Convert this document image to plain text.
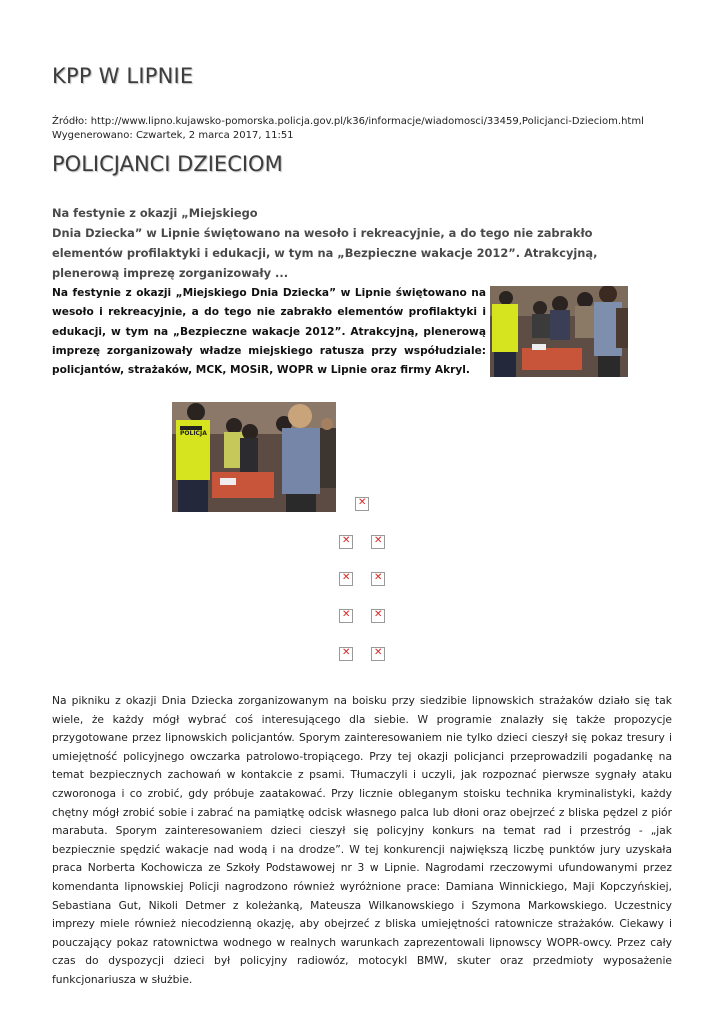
KPP W LIPNIE
Źródło: http://www.lipno.kujawsko-pomorska.policja.gov.pl/k36/informacje/wiadomosci/33459,Policjanci-Dzieciom.html
Wygenerowano: Czwartek, 2 marca 2017, 11:51
POLICJANCI DZIECIOM
Na festynie z okazji „Miejskiego
Dnia Dziecka” w Lipnie świętowano na wesoło i rekreacyjnie, a do tego nie zabrakło
elementów profilaktyki i edukacji, w tym na „Bezpieczne wakacje 2012”. Atrakcyjną,
plenerową imprezę zorganizowały ...
Na festynie z okazji „Miejskiego Dnia Dziecka” w Lipnie świętowano na wesoło i rekreacyjnie, a do tego nie zabrakło elementów profilaktyki i edukacji, w tym na „Bezpieczne wakacje 2012”. Atrakcyjną, plenerową imprezę zorganizowały władze miejskiego ratusza przy współudziale: policjantów, strażaków, MCK, MOSiR, WOPR w Lipnie oraz firmy Akryl.
POLICJA
✕
✕
✕
✕
✕
✕
✕
✕
✕
Na pikniku z okazji Dnia Dziecka zorganizowanym na boisku przy siedzibie lipnowskich strażaków działo się tak wiele, że każdy mógł wybrać coś interesującego dla siebie. W programie znalazły się także propozycje przygotowane przez lipnowskich policjantów. Sporym zainteresowaniem nie tylko dzieci cieszył się pokaz tresury i umiejętność policyjnego owczarka patrolowo-tropiącego. Przy tej okazji policjanci przeprowadzili pogadankę na temat bezpiecznych zachowań w kontakcie z psami. Tłumaczyli i uczyli, jak rozpoznać pierwsze sygnały ataku czworonoga i co zrobić, gdy próbuje zaatakować. Przy licznie obleganym stoisku technika kryminalistyki, każdy chętny mógł zrobić sobie i zabrać na pamiątkę odcisk własnego palca lub dłoni oraz obejrzeć z bliska pędzel z piór marabuta. Sporym zainteresowaniem dzieci cieszył się policyjny konkurs na temat rad i przestróg - „jak bezpiecznie spędzić wakacje nad wodą i na drodze”. W tej konkurencji największą liczbę punktów jury uzyskała praca Norberta Kochowicza ze Szkoły Podstawowej nr 3 w Lipnie. Nagrodami rzeczowymi ufundowanymi przez komendanta lipnowskiej Policji nagrodzono również wyróżnione prace: Damiana Winnickiego, Maji Kopczyńskiej, Sebastiana Gut, Nikoli Detmer z koleżanką, Mateusza Wilkanowskiego i Szymona Markowskiego. Uczestnicy imprezy miele również niecodzienną okazję, aby obejrzeć z bliska umiejętności ratownicze strażaków. Ciekawy i pouczający pokaz ratownictwa wodnego w realnych warunkach zaprezentowali lipnowscy WOPR-owcy. Przez cały czas do dyspozycji dzieci był policyjny radiowóz, motocykl BMW, skuter oraz przedmioty wyposażenie funkcjonariusza w służbie.
